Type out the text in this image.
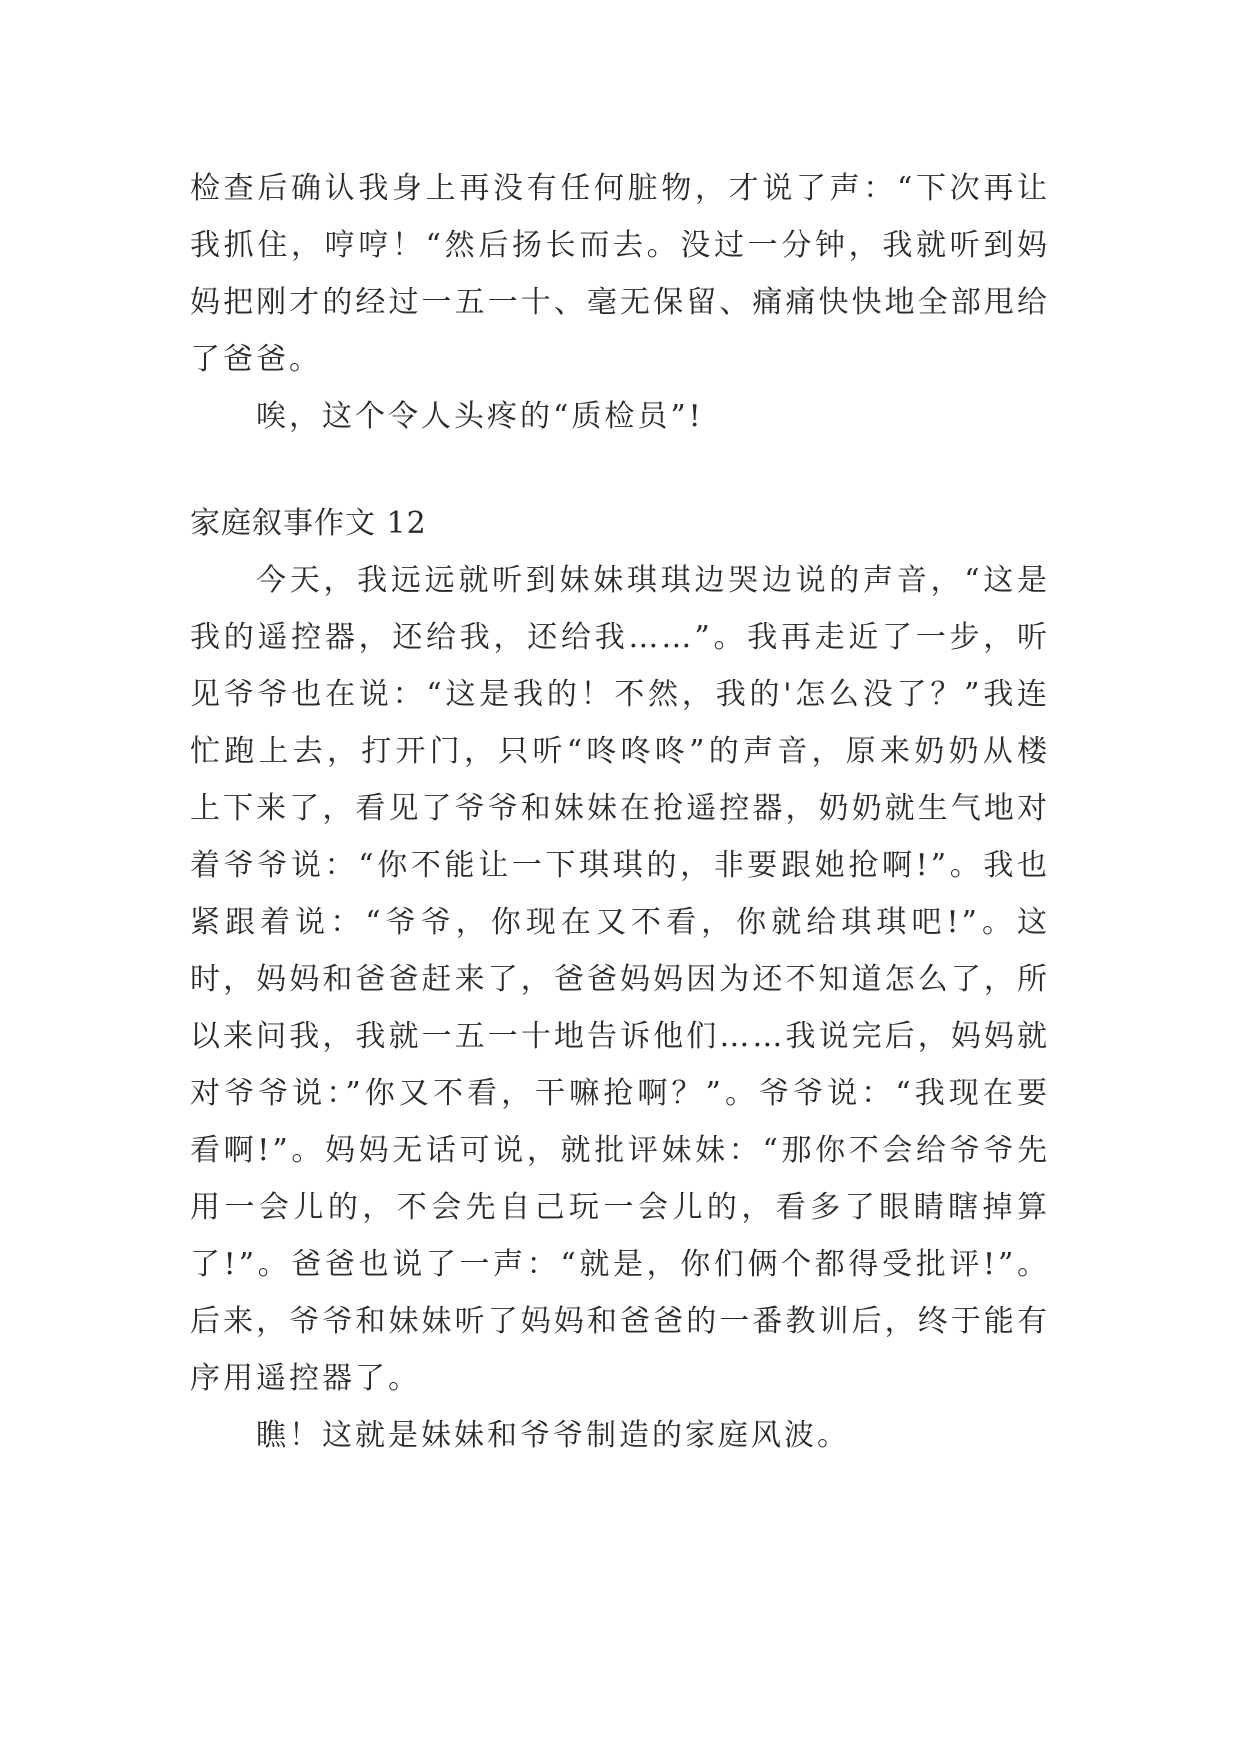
检查后确认我身上再没有任何脏物，才说了声：“下次再让我抓住，哼哼！“然后扬长而去。没过一分钟，我就听到妈妈把刚才的经过一五一十、毫无保留、痛痛快快地全部甩给了爸爸。

唉，这个令人头疼的“质检员”!

家庭叙事作文 12

今天，我远远就听到妹妹琪琪边哭边说的声音，“这是我的遥控器，还给我，还给我……”。我再走近了一步，听见爷爷也在说：“这是我的！不然，我的'怎么没了？”我连忙跑上去，打开门，只听“咚咚咚”的声音，原来奶奶从楼上下来了，看见了爷爷和妹妹在抢遥控器，奶奶就生气地对着爷爷说：“你不能让一下琪琪的，非要跟她抢啊!”。我也紧跟着说：“爷爷，你现在又不看，你就给琪琪吧!”。这时，妈妈和爸爸赶来了，爸爸妈妈因为还不知道怎么了，所以来问我，我就一五一十地告诉他们……我说完后，妈妈就对爷爷说：”你又不看，干嘛抢啊？”。爷爷说：“我现在要看啊!”。妈妈无话可说，就批评妹妹：“那你不会给爷爷先用一会儿的，不会先自己玩一会儿的，看多了眼睛瞎掉算了!”。爸爸也说了一声：“就是，你们俩个都得受批评!”。后来，爷爷和妹妹听了妈妈和爸爸的一番教训后，终于能有序用遥控器了。

瞧！这就是妹妹和爷爷制造的家庭风波。
